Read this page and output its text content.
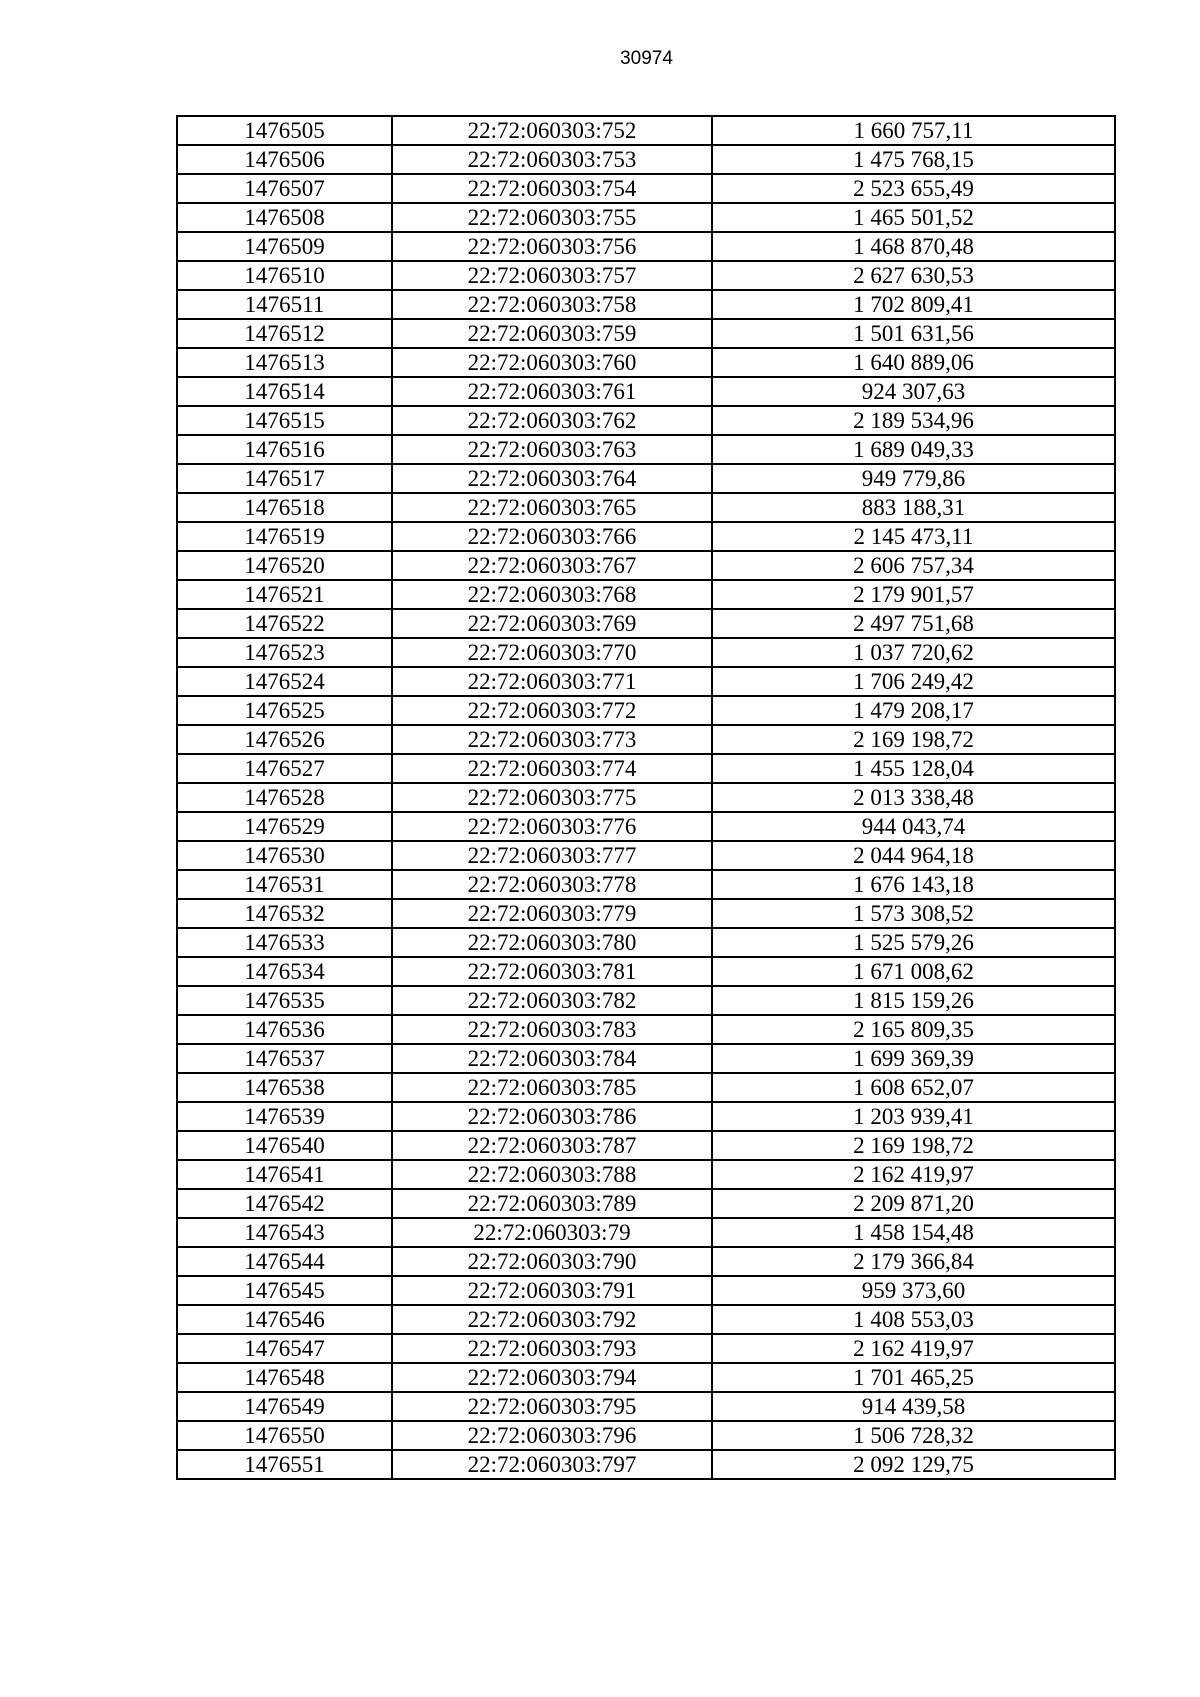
30974
1476505	22:72:060303:752	1 660 757,11
1476506	22:72:060303:753	1 475 768,15
1476507	22:72:060303:754	2 523 655,49
1476508	22:72:060303:755	1 465 501,52
1476509	22:72:060303:756	1 468 870,48
1476510	22:72:060303:757	2 627 630,53
1476511	22:72:060303:758	1 702 809,41
1476512	22:72:060303:759	1 501 631,56
1476513	22:72:060303:760	1 640 889,06
1476514	22:72:060303:761	924 307,63
1476515	22:72:060303:762	2 189 534,96
1476516	22:72:060303:763	1 689 049,33
1476517	22:72:060303:764	949 779,86
1476518	22:72:060303:765	883 188,31
1476519	22:72:060303:766	2 145 473,11
1476520	22:72:060303:767	2 606 757,34
1476521	22:72:060303:768	2 179 901,57
1476522	22:72:060303:769	2 497 751,68
1476523	22:72:060303:770	1 037 720,62
1476524	22:72:060303:771	1 706 249,42
1476525	22:72:060303:772	1 479 208,17
1476526	22:72:060303:773	2 169 198,72
1476527	22:72:060303:774	1 455 128,04
1476528	22:72:060303:775	2 013 338,48
1476529	22:72:060303:776	944 043,74
1476530	22:72:060303:777	2 044 964,18
1476531	22:72:060303:778	1 676 143,18
1476532	22:72:060303:779	1 573 308,52
1476533	22:72:060303:780	1 525 579,26
1476534	22:72:060303:781	1 671 008,62
1476535	22:72:060303:782	1 815 159,26
1476536	22:72:060303:783	2 165 809,35
1476537	22:72:060303:784	1 699 369,39
1476538	22:72:060303:785	1 608 652,07
1476539	22:72:060303:786	1 203 939,41
1476540	22:72:060303:787	2 169 198,72
1476541	22:72:060303:788	2 162 419,97
1476542	22:72:060303:789	2 209 871,20
1476543	22:72:060303:79	1 458 154,48
1476544	22:72:060303:790	2 179 366,84
1476545	22:72:060303:791	959 373,60
1476546	22:72:060303:792	1 408 553,03
1476547	22:72:060303:793	2 162 419,97
1476548	22:72:060303:794	1 701 465,25
1476549	22:72:060303:795	914 439,58
1476550	22:72:060303:796	1 506 728,32
1476551	22:72:060303:797	2 092 129,75
